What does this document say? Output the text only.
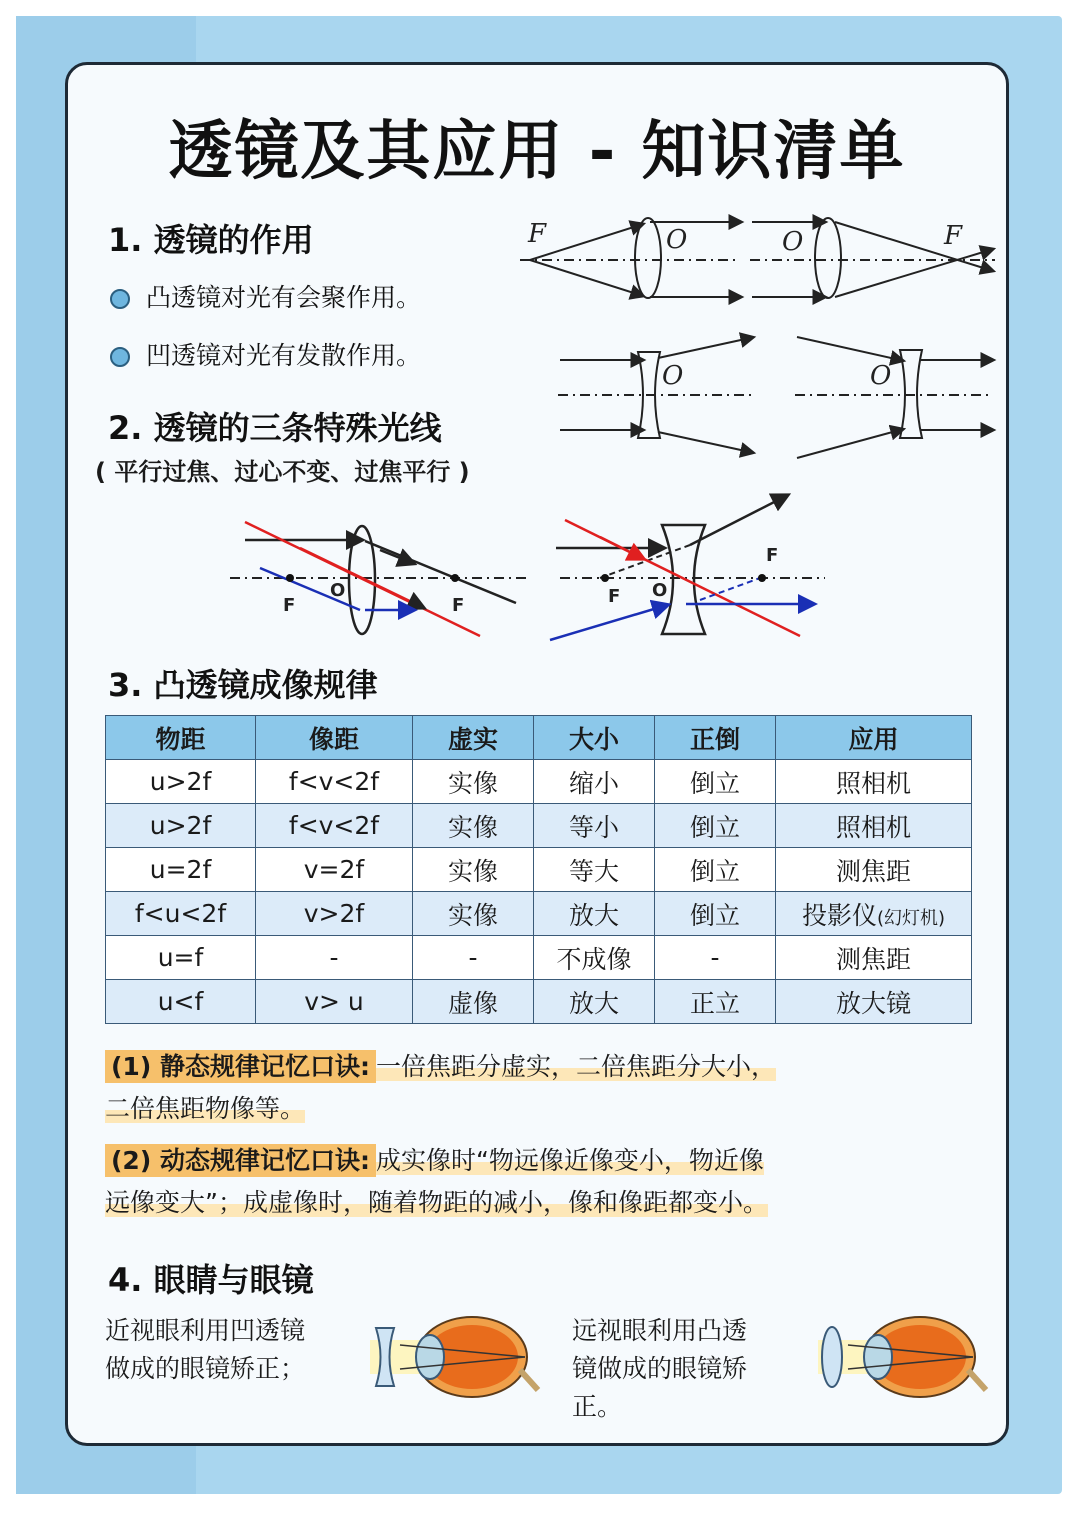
透镜及其应用 - 知识清单
1. 透镜的作用
凸透镜对光有会聚作用。
凹透镜对光有发散作用。
F	O	O	F
O	O
2. 透镜的三条特殊光线
( 平行过焦、过心不变、过焦平行 )
F	F
O	F O
F
3. 凸透镜成像规律
物距	像距	虚实	大小	正倒	应用
u>2f	f<v<2f	实像	缩小	倒立	照相机
u>2f	f<v<2f	实像	等小	倒立	照相机
u=2f	v=2f	实像	等大	倒立	测焦距
f<u<2f	v>2f	实像	放大	倒立	投影仪(幻灯机)
u=f	-	-	不成像	-	测焦距
u<f	v> u	虚像	放大	正立	放大镜
(1) 静态规律记忆口诀: 一倍焦距分虚实，二倍焦距分大小，
二倍焦距物像等。
(2) 动态规律记忆口诀: 成实像时“物远像近像变小，物近像
远像变大”；成虚像时，随着物距的减小，像和像距都变小。
4. 眼睛与眼镜
近视眼利用凹透镜
做成的眼镜矫正；
远视眼利用凸透
镜做成的眼镜矫
正。
